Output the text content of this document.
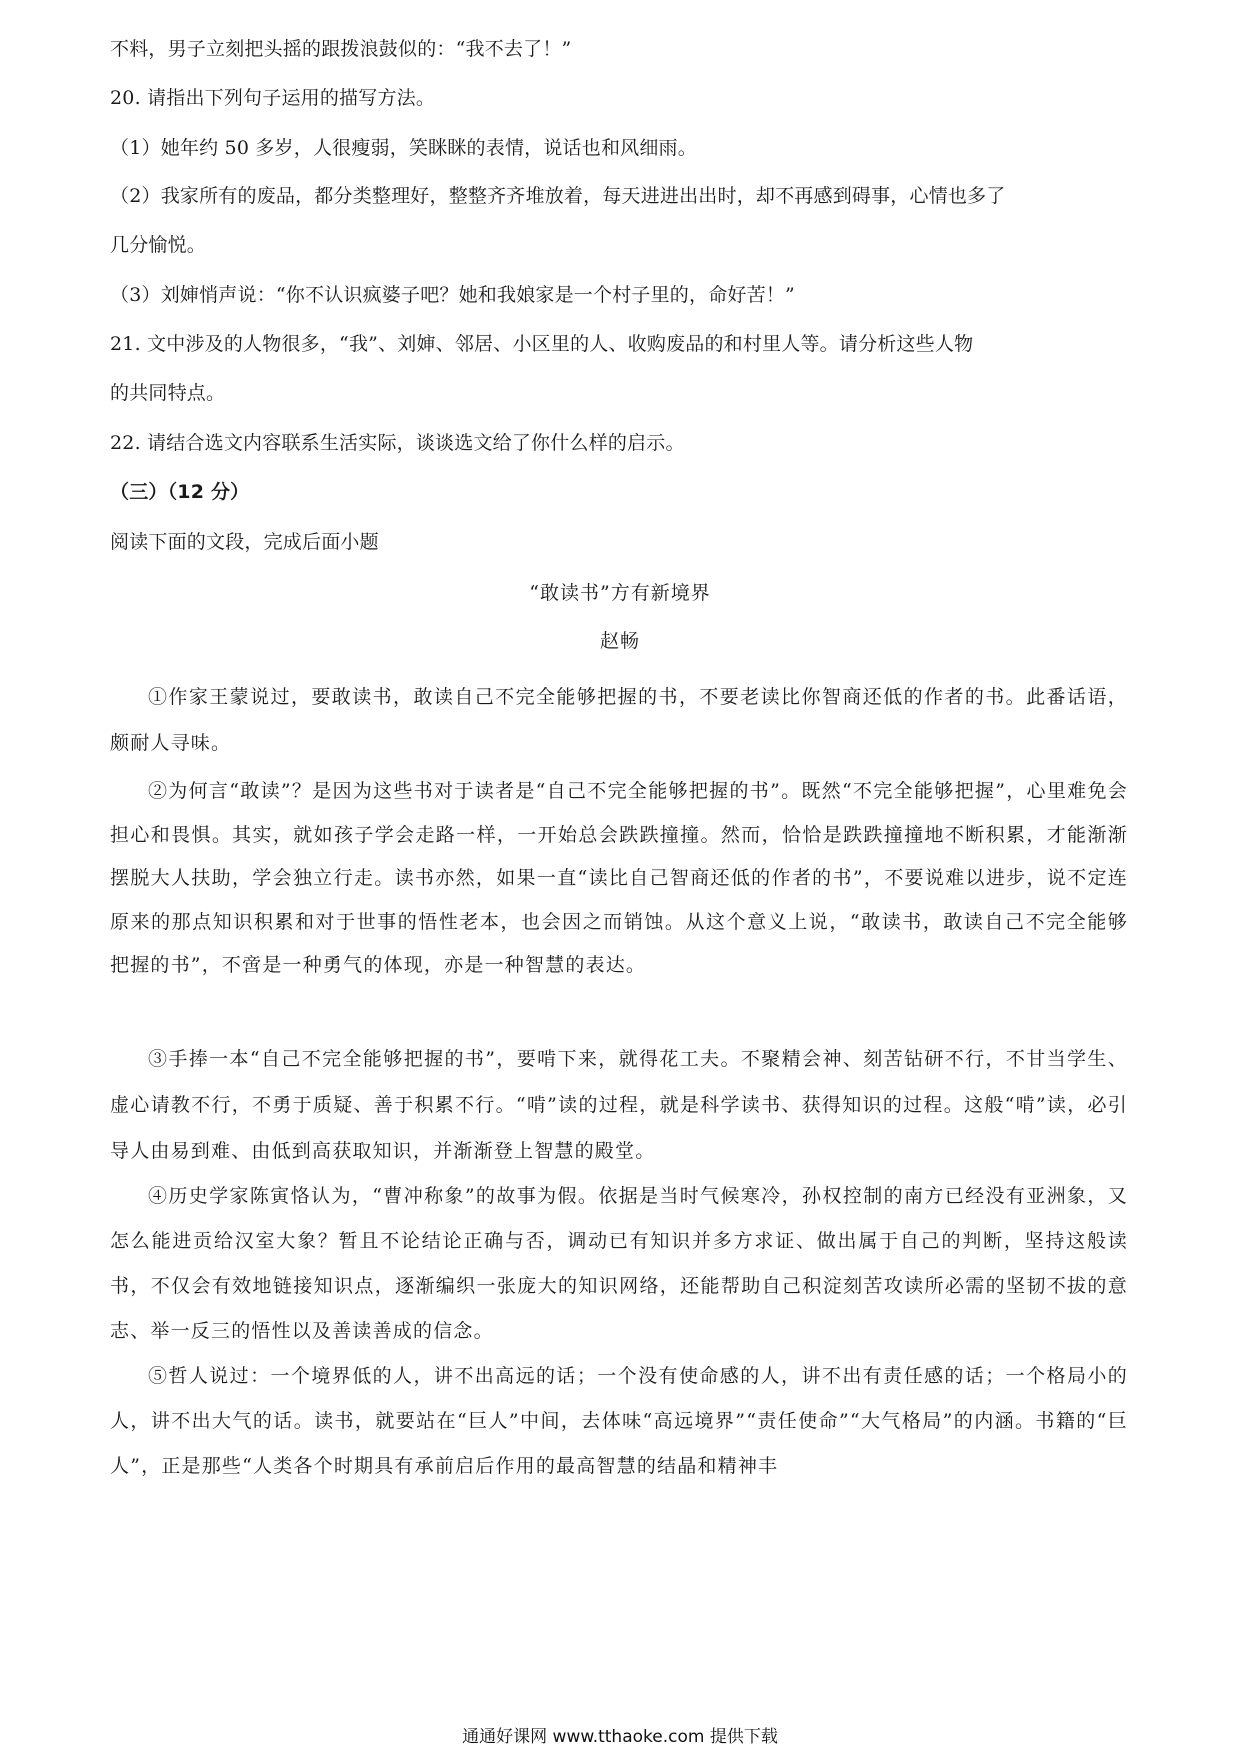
不料，男子立刻把头摇的跟拨浪鼓似的：“我不去了！”
20. 请指出下列句子运用的描写方法。
（1）她年约 50 多岁，人很瘦弱，笑眯眯的表情，说话也和风细雨。
（2）我家所有的废品，都分类整理好，整整齐齐堆放着，每天进进出出时，却不再感到碍事，心情也多了
几分愉悦。
（3）刘婶悄声说：“你不认识疯婆子吧？她和我娘家是一个村子里的，命好苦！”
21. 文中涉及的人物很多，“我”、刘婶、邻居、小区里的人、收购废品的和村里人等。请分析这些人物
的共同特点。
22. 请结合选文内容联系生活实际，谈谈选文给了你什么样的启示。
（三）（12 分）
阅读下面的文段，完成后面小题
“敢读书”方有新境界
赵畅

①作家王蒙说过，要敢读书，敢读自己不完全能够把握的书，不要老读比你智商还低的作者的书。此番话语，颇耐人寻味。

②为何言“敢读”？是因为这些书对于读者是“自己不完全能够把握的书”。既然“不完全能够把握”，心里难免会担心和畏惧。其实，就如孩子学会走路一样，一开始总会跌跌撞撞。然而，恰恰是跌跌撞撞地不断积累，才能渐渐摆脱大人扶助，学会独立行走。读书亦然，如果一直“读比自己智商还低的作者的书”，不要说难以进步，说不定连原来的那点知识积累和对于世事的悟性老本，也会因之而销蚀。从这个意义上说，“敢读书，敢读自己不完全能够把握的书”，不啻是一种勇气的体现，亦是一种智慧的表达。

③手捧一本“自己不完全能够把握的书”，要啃下来，就得花工夫。不聚精会神、刻苦钻研不行，不甘当学生、虚心请教不行，不勇于质疑、善于积累不行。“啃”读的过程，就是科学读书、获得知识的过程。这般“啃”读，必引导人由易到难、由低到高获取知识，并渐渐登上智慧的殿堂。

④历史学家陈寅恪认为，“曹冲称象”的故事为假。依据是当时气候寒冷，孙权控制的南方已经没有亚洲象，又怎么能进贡给汉室大象？暂且不论结论正确与否，调动已有知识并多方求证、做出属于自己的判断，坚持这般读书，不仅会有效地链接知识点，逐渐编织一张庞大的知识网络，还能帮助自己积淀刻苦攻读所必需的坚韧不拔的意志、举一反三的悟性以及善读善成的信念。

⑤哲人说过：一个境界低的人，讲不出高远的话；一个没有使命感的人，讲不出有责任感的话；一个格局小的人，讲不出大气的话。读书，就要站在“巨人”中间，去体味“高远境界”“责任使命”“大气格局”的内涵。书籍的“巨人”，正是那些“人类各个时期具有承前启后作用的最高智慧的结晶和精神丰

通通好课网 www.tthaoke.com 提供下载
